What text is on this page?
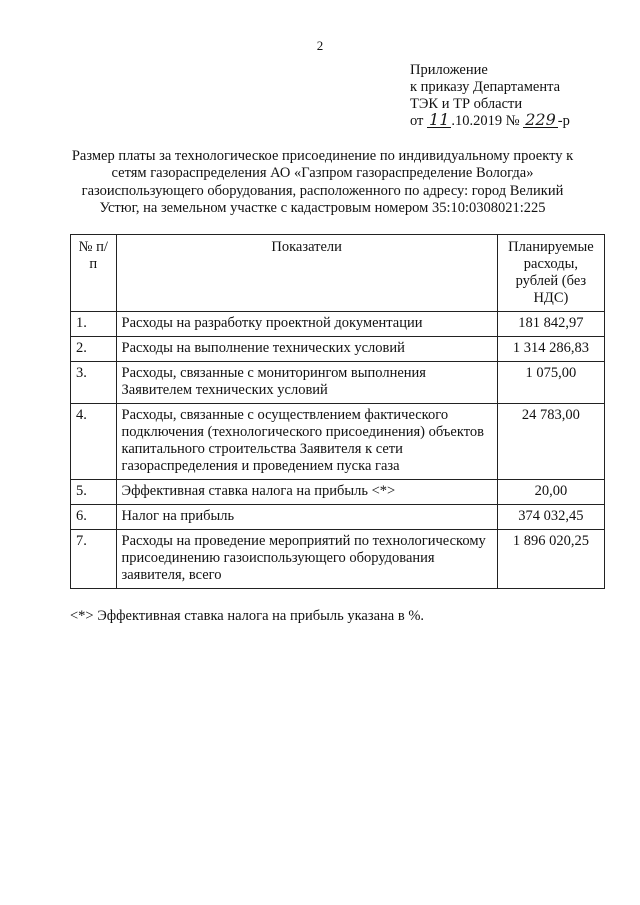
2
Приложение
к приказу Департамента
ТЭК и ТР области
от 11 .10.2019 № 229 -р
Размер платы за технологическое присоединение по индивидуальному проекту к сетям газораспределения АО «Газпром газораспределение Вологда» газоиспользующего оборудования, расположенного по адресу: город Великий Устюг, на земельном участке с кадастровым номером 35:10:0308021:225
№ п/п	Показатели	Планируемые расходы, рублей (без НДС)
1.	Расходы на разработку проектной документации	181 842,97
2.	Расходы на выполнение технических условий	1 314 286,83
3.	Расходы, связанные с мониторингом выполнения Заявителем технических условий	1 075,00
4.	Расходы, связанные с осуществлением фактического подключения (технологического присоединения) объектов капитального строительства Заявителя к сети газораспределения и проведением пуска газа	24 783,00
5.	Эффективная ставка налога на прибыль <*>	20,00
6.	Налог на прибыль	374 032,45
7.	Расходы на проведение мероприятий по технологическому присоединению газоиспользующего оборудования заявителя, всего	1 896 020,25
<*> Эффективная ставка налога на прибыль указана в %.
